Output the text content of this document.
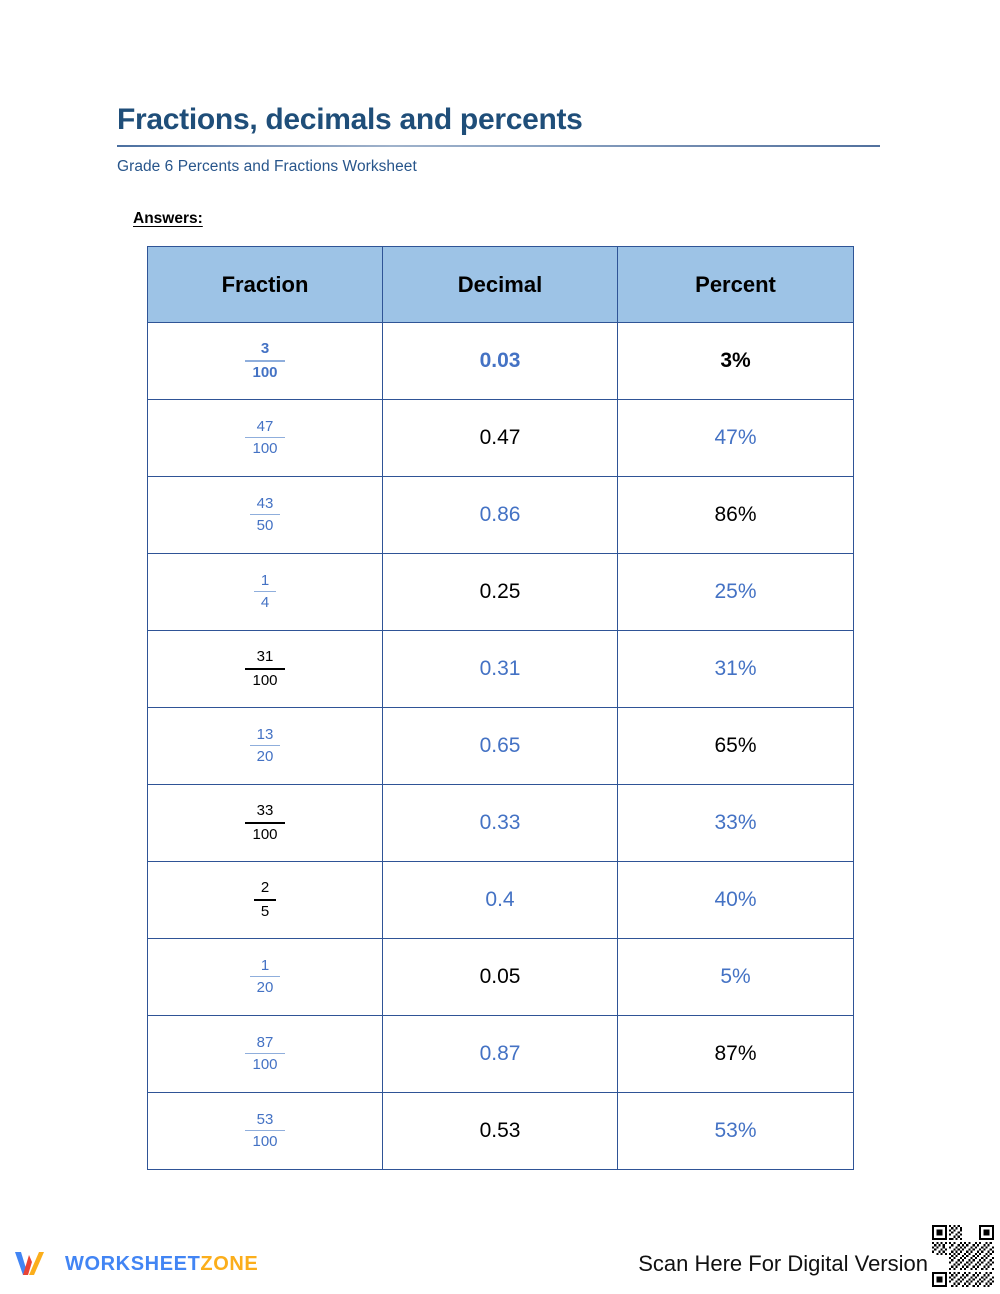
Fractions, decimals and percents
Grade 6 Percents and Fractions Worksheet
Answers:
Fraction	Decimal	Percent

$\frac{3}{100}$	0.03	3%

$\frac{47}{100}$	0.47	47%

$\frac{43}{50}$	0.86	86%

$\frac{1}{4}$	0.25	25%

$\frac{31}{100}$	0.31	31%

$\frac{13}{20}$	0.65	65%

$\frac{33}{100}$	0.33	33%

$\frac{2}{5}$	0.4	40%

$\frac{1}{20}$	0.05	5%

$\frac{87}{100}$	0.87	87%

$\frac{53}{100}$	0.53	53%
WORKSHEETZONE	Scan Here For Digital Version
